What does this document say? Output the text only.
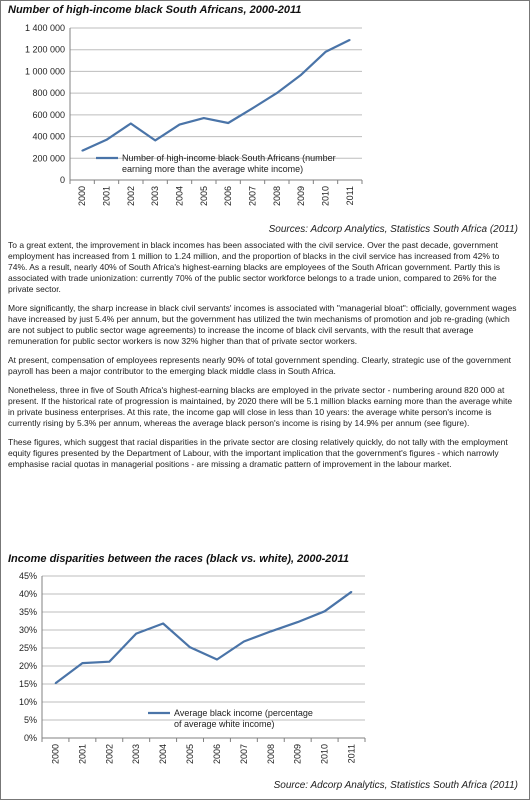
Number of high-income black South Africans, 2000-2011
0
200 000
400 000
600 000
800 000
1 000 000
1 200 000
1 400 000
2000 2001 2002 2003 2004 2005 2006 2007 2008 2009 2010 2011
Number of high-income black South Africans (number
earning more than the average white income)
Sources: Adcorp Analytics, Statistics South Africa (2011)

To a great extent, the improvement in black incomes has been associated with the civil service. Over the past decade, government employment has increased from 1 million to 1.24 million, and the proportion of blacks in the civil service has increased from 42% to 74%. As a result, nearly 40% of South Africa's highest-earning blacks are employees of the South African government. Partly this is associated with trade unionization: currently 70% of the public sector workforce belongs to a trade union, compared to 26% for the private sector.

More significantly, the sharp increase in black civil servants' incomes is associated with "managerial bloat": officially, government wages have increased by just 5.4% per annum, but the government has utilized the twin mechanisms of promotion and job re-grading (which are not subject to public sector wage agreements) to increase the income of black civil servants, with the result that average remuneration for public sector workers is now 32% higher than that of private sector workers.

At present, compensation of employees represents nearly 90% of total government spending. Clearly, strategic use of the government payroll has been a major contributor to the emerging black middle class in South Africa.

Nonetheless, three in five of South Africa's highest-earning blacks are employed in the private sector - numbering around 820 000 at present. If the historical rate of progression is maintained, by 2020 there will be 5.1 million blacks earning more than the average white in private business enterprises. At this rate, the income gap will close in less than 10 years: the average white person's income is currently rising by 5.3% per annum, whereas the average black person's income is rising by 14.9% per annum (see figure).

These figures, which suggest that racial disparities in the private sector are closing relatively quickly, do not tally with the employment equity figures presented by the Department of Labour, with the important implication that the government's figures - which narrowly emphasise racial quotas in managerial positions - are missing a dramatic pattern of improvement in the labour market.

Income disparities between the races (black vs. white), 2000-2011
0%
5%
10%
15%
20%
25%
30%
35%
40%
45%
2000 2001 2002 2003 2004 2005 2006 2007 2008 2009 2010 2011
Average black income (percentage
of average white income)
Source: Adcorp Analytics, Statistics South Africa (2011)
